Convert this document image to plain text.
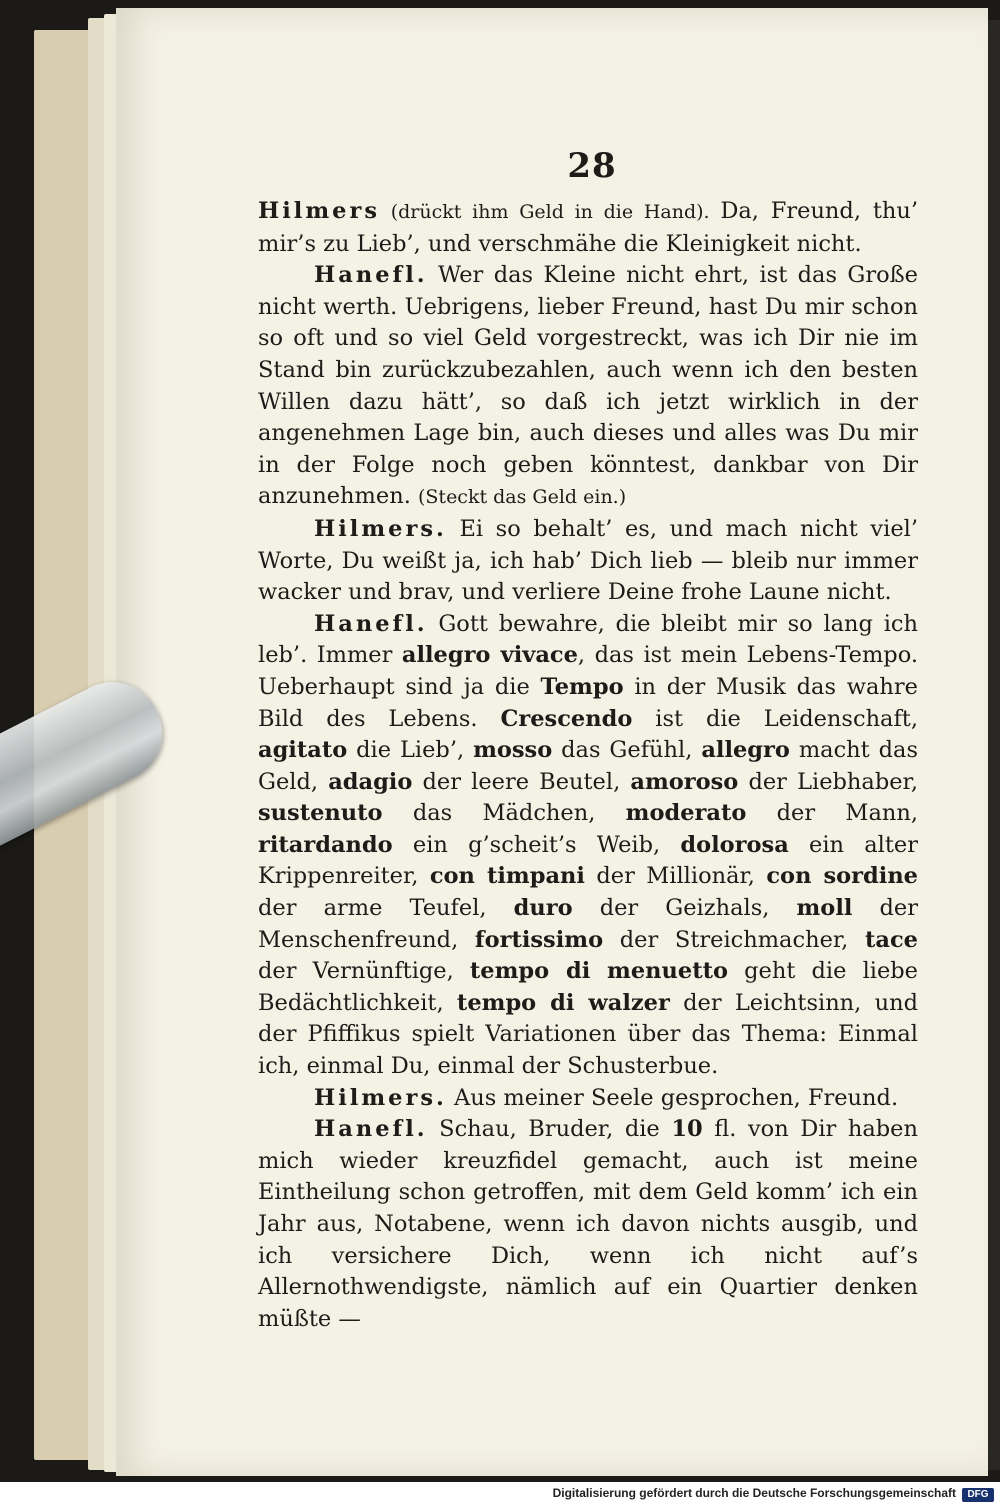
28

Hilmers (drückt ihm Geld in die Hand). Da, Freund, thu’ mir’s zu Lieb’, und verschmähe die Kleinigkeit nicht.

Hanefl. Wer das Kleine nicht ehrt, ist das Große nicht werth. Uebrigens, lieber Freund, hast Du mir schon so oft und so viel Geld vorgestreckt, was ich Dir nie im Stand bin zurückzubezahlen, auch wenn ich den besten Willen dazu hätt’, so daß ich jetzt wirklich in der angenehmen Lage bin, auch dieses und alles was Du mir in der Folge noch geben könntest, dankbar von Dir anzunehmen. (Steckt das Geld ein.)

Hilmers. Ei so behalt’ es, und mach nicht viel’ Worte, Du weißt ja, ich hab’ Dich lieb — bleib nur immer wacker und brav, und verliere Deine frohe Laune nicht.

Hanefl. Gott bewahre, die bleibt mir so lang ich leb’. Immer allegro vivace, das ist mein Lebens-Tempo. Ueberhaupt sind ja die Tempo in der Musik das wahre Bild des Lebens. Crescendo ist die Leidenschaft, agitato die Lieb’, mosso das Gefühl, allegro macht das Geld, adagio der leere Beutel, amoroso der Liebhaber, sustenuto das Mädchen, moderato der Mann, ritardando ein g’scheit’s Weib, dolorosa ein alter Krippenreiter, con timpani der Millionär, con sordine der arme Teufel, duro der Geizhals, moll der Menschenfreund, fortissimo der Streichmacher, tace der Vernünftige, tempo di menuetto geht die liebe Bedächtlichkeit, tempo di walzer der Leichtsinn, und der Pfiffikus spielt Variationen über das Thema: Einmal ich, einmal Du, einmal der Schusterbue.

Hilmers. Aus meiner Seele gesprochen, Freund.

Hanefl. Schau, Bruder, die 10 fl. von Dir haben mich wieder kreuzfidel gemacht, auch ist meine Eintheilung schon getroffen, mit dem Geld komm’ ich ein Jahr aus, Notabene, wenn ich davon nichts ausgib, und ich versichere Dich, wenn ich nicht auf’s Allernothwendigste, nämlich auf ein Quartier denken müßte —

Digitalisierung gefördert durch die Deutsche Forschungsgemeinschaft	DFG
